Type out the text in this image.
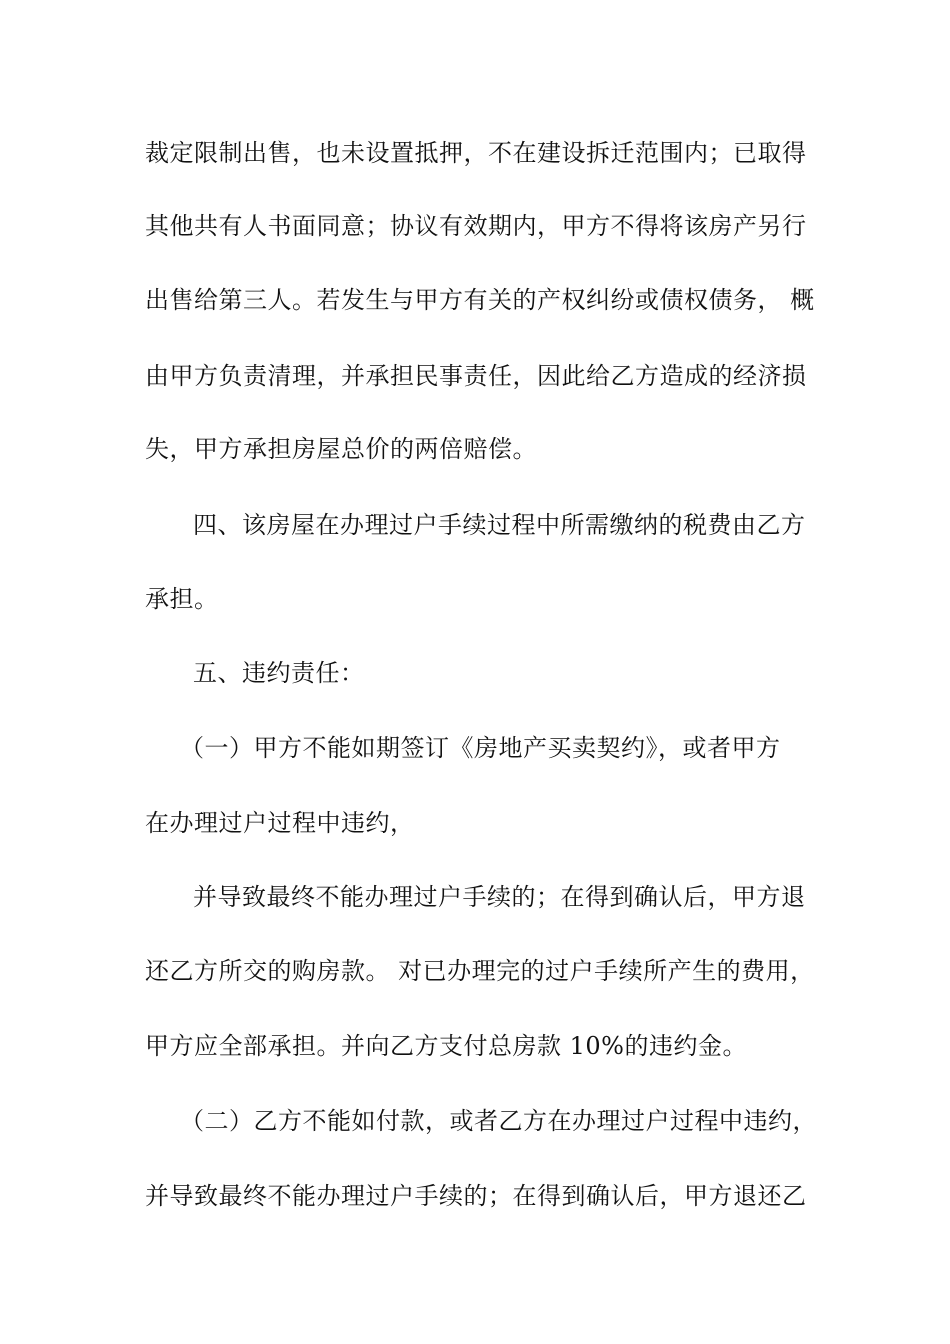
裁定限制出售，也未设置抵押，不在建设拆迁范围内；已取得
其他共有人书面同意；协议有效期内，甲方不得将该房产另行
出售给第三人。若发生与甲方有关的产权纠纷或债权债务， 概
由甲方负责清理，并承担民事责任，因此给乙方造成的经济损
失，甲方承担房屋总价的两倍赔偿。
四、该房屋在办理过户手续过程中所需缴纳的税费由乙方
承担。
五、违约责任：
（一）甲方不能如期签订《房地产买卖契约》，或者甲方
在办理过户过程中违约，
并导致最终不能办理过户手续的；在得到确认后，甲方退
还乙方所交的购房款。 对已办理完的过户手续所产生的费用，
甲方应全部承担。并向乙方支付总房款 10%的违约金。
（二）乙方不能如付款，或者乙方在办理过户过程中违约，
并导致最终不能办理过户手续的；在得到确认后，甲方退还乙
